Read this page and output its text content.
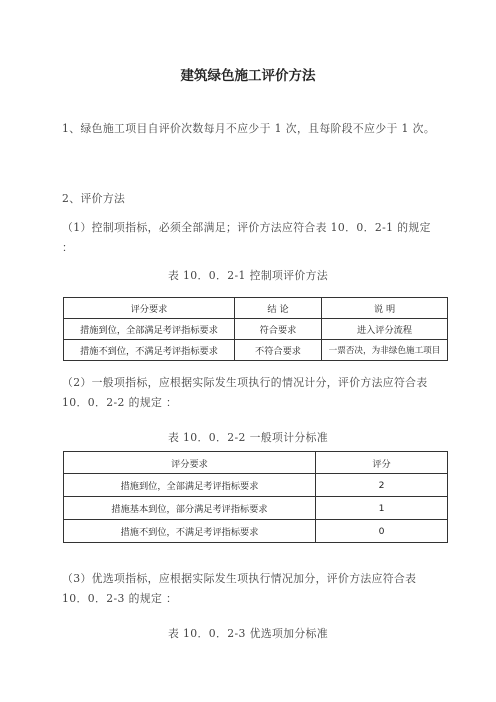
建筑绿色施工评价方法
1、绿色施工项目自评价次数每月不应少于 1 次，且每阶段不应少于 1 次。
2、评价方法
（1）控制项指标，必须全部满足；评价方法应符合表 10．0．2-1 的规定 ：
表 10．0．2-1 控制项评价方法
评分要求	结 论	说 明
措施到位，全部满足考评指标要求	符合要求	进入评分流程
措施不到位，不满足考评指标要求	不符合要求	一票否决，为非绿色施工项目
（2）一般项指标，应根据实际发生项执行的情况计分，评价方法应符合表 10．0．2-2 的规定 ：
表 10．0．2-2 一般项计分标准
评分要求	评分
措施到位，全部满足考评指标要求	2
措施基本到位，部分满足考评指标要求	1
措施不到位，不满足考评指标要求	0
（3）优选项指标，应根据实际发生项执行情况加分，评价方法应符合表 10．0．2-3 的规定 ：
表 10．0．2-3 优选项加分标准
